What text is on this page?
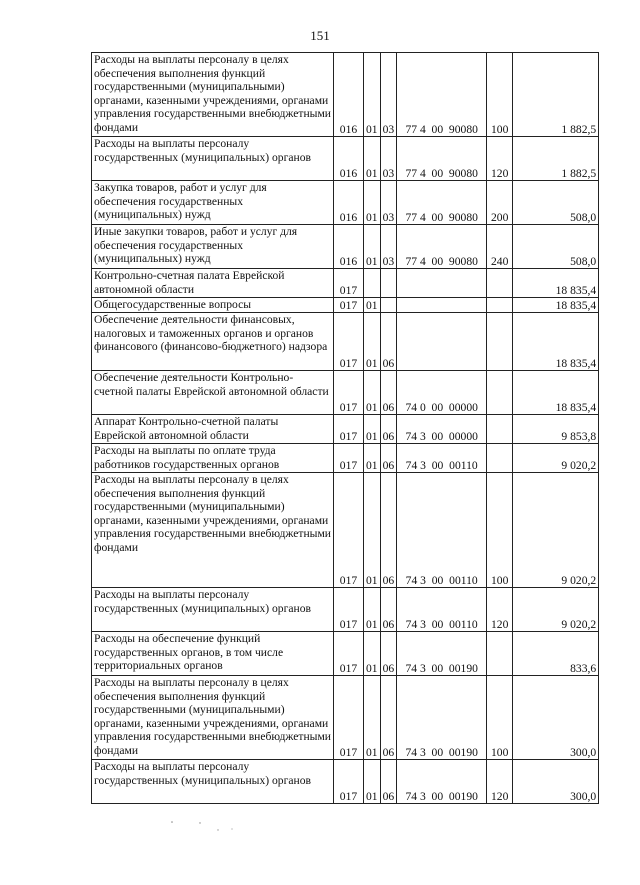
151
Расходы на выплаты персоналу в целях обеспечения выполнения функций государственными (муниципальными) органами, казенными учреждениями, органами управления государственными внебюджетными фондами	016	01	03	77 4  00  90080	100	1 882,5
Расходы на выплаты персоналу государственных (муниципальных) органов	016	01	03	77 4  00  90080	120	1 882,5
Закупка товаров, работ и услуг для обеспечения государственных (муниципальных) нужд	016	01	03	77 4  00  90080	200	508,0
Иные закупки товаров, работ и услуг для обеспечения государственных (муниципальных) нужд	016	01	03	77 4  00  90080	240	508,0
Контрольно-счетная палата Еврейской автономной области	017					18 835,4
Общегосударственные вопросы	017	01				18 835,4
Обеспечение деятельности финансовых, налоговых и таможенных органов и органов финансового (финансово-бюджетного) надзора	017	01	06			18 835,4
Обеспечение деятельности Контрольно-счетной палаты Еврейской автономной области	017	01	06	74 0  00  00000		18 835,4
Аппарат Контрольно-счетной палаты Еврейской автономной области	017	01	06	74 3  00  00000		9 853,8
Расходы на выплаты по оплате труда работников государственных органов	017	01	06	74 3  00  00110		9 020,2
Расходы на выплаты персоналу в целях обеспечения выполнения функций государственными (муниципальными) органами, казенными учреждениями, органами управления государственными внебюджетными фондами	017	01	06	74 3  00  00110	100	9 020,2
Расходы на выплаты персоналу государственных (муниципальных) органов	017	01	06	74 3  00  00110	120	9 020,2
Расходы на обеспечение функций государственных органов, в том числе территориальных органов	017	01	06	74 3  00  00190		833,6
Расходы на выплаты персоналу в целях обеспечения выполнения функций государственными (муниципальными) органами, казенными учреждениями, органами управления государственными внебюджетными фондами	017	01	06	74 3  00  00190	100	300,0
Расходы на выплаты персоналу государственных (муниципальных) органов	017	01	06	74 3  00  00190	120	300,0
